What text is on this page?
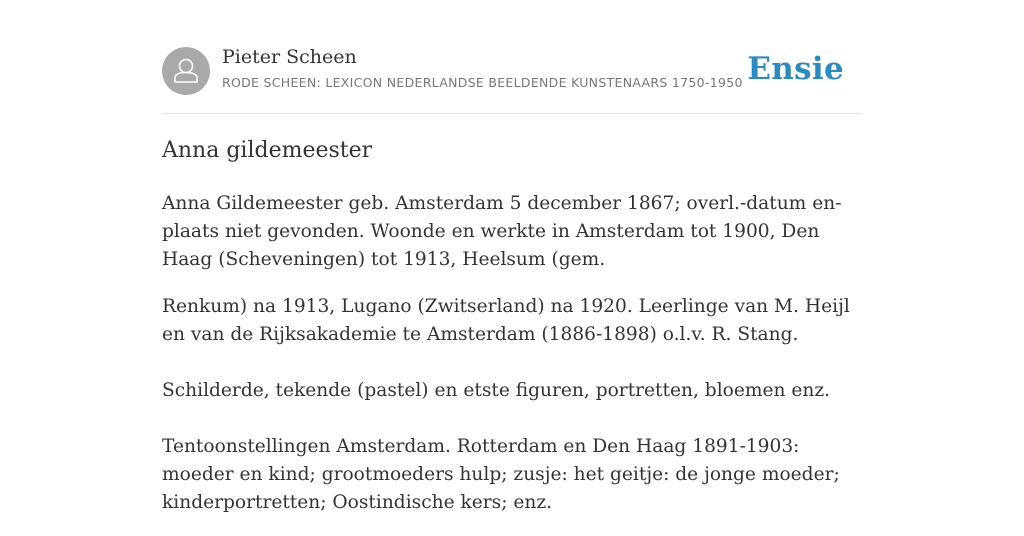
Pieter Scheen
RODE SCHEEN: LEXICON NEDERLANDSE BEELDENDE KUNSTENAARS 1750-1950 Ensie
Anna gildemeester

Anna Gildemeester geb. Amsterdam 5 december 1867; overl.-datum en-plaats niet gevonden. Woonde en werkte in Amsterdam tot 1900, Den Haag (Scheveningen) tot 1913, Heelsum (gem.

Renkum) na 1913, Lugano (Zwitserland) na 1920. Leerlinge van M. Heijl en van de Rijksakademie te Amsterdam (1886-1898) o.l.v. R. Stang.

Schilderde, tekende (pastel) en etste figuren, portretten, bloemen enz.

Tentoonstellingen Amsterdam. Rotterdam en Den Haag 1891-1903: moeder en kind; grootmoeders hulp; zusje: het geitje: de jonge moeder; kinderportretten; Oostindische kers; enz.
